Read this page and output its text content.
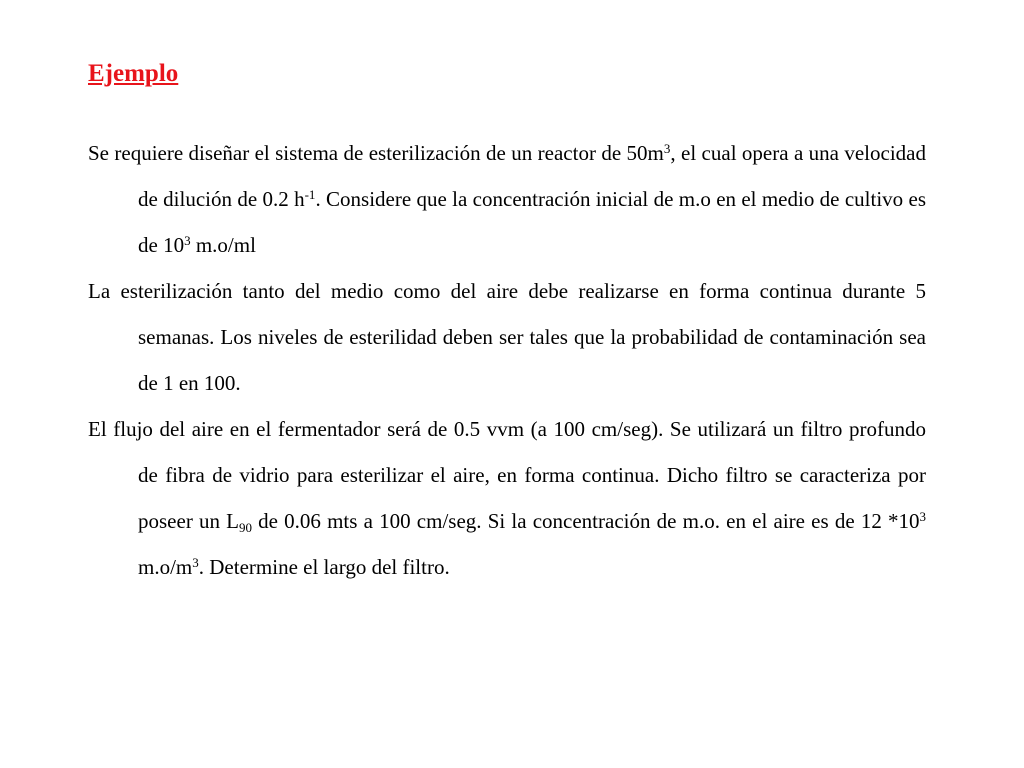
Ejemplo

Se requiere diseñar el sistema de esterilización de un reactor de $50m^3$, el cual opera a una velocidad de dilución de 0.2 $h^{-1}$. Considere que la concentración inicial de m.o en el medio de cultivo es de $10^3$ m.o/ml

La esterilización tanto del medio como del aire debe realizarse en forma continua durante 5 semanas. Los niveles de esterilidad deben ser tales que la probabilidad de contaminación sea de 1 en 100.

El flujo del aire en el fermentador será de 0.5 vvm (a 100 cm/seg). Se utilizará un filtro profundo de fibra de vidrio para esterilizar el aire, en forma continua. Dicho filtro se caracteriza por poseer un $L_{90}$ de 0.06 mts a 100 cm/seg. Si la concentración de m.o. en el aire es de 12 $*10^3$ $m.o/m^3$. Determine el largo del filtro.
